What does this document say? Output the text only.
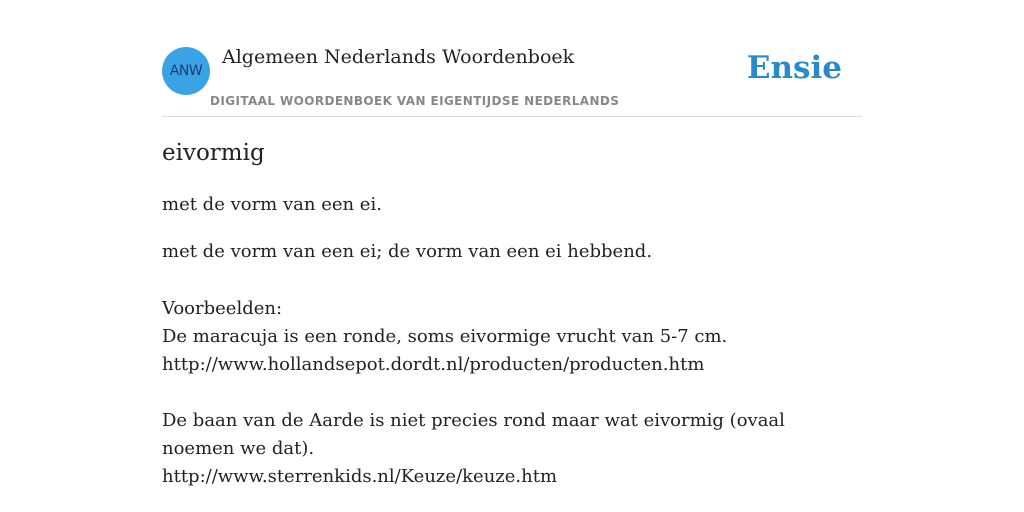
ANW
Algemeen Nederlands Woordenboek
DIGITAAL WOORDENBOEK VAN EIGENTIJDSE NEDERLANDS
Ensie
eivormig
met de vorm van een ei.
met de vorm van een ei; de vorm van een ei hebbend.
Voorbeelden:
De maracuja is een ronde, soms eivormige vrucht van 5-7 cm.
http://www.hollandsepot.dordt.nl/producten/producten.htm
De baan van de Aarde is niet precies rond maar wat eivormig (ovaal noemen we dat).
http://www.sterrenkids.nl/Keuze/keuze.htm
